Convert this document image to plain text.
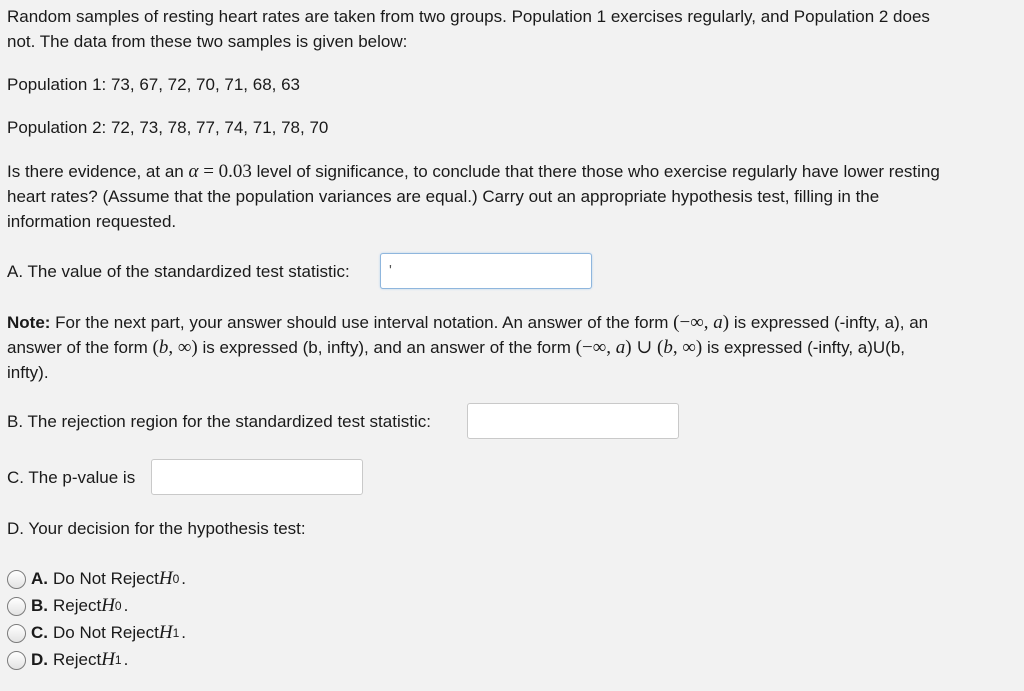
Random samples of resting heart rates are taken from two groups. Population 1 exercises regularly, and Population 2 does

not. The data from these two samples is given below:

Population 1: 73, 67, 72, 70, 71, 68, 63
Population 2: 72, 73, 78, 77, 74, 71, 78, 70

Is there evidence, at an α = 0.03 level of significance, to conclude that there those who exercise regularly have lower resting

heart rates? (Assume that the population variances are equal.) Carry out an appropriate hypothesis test, filling in the

information requested.

A. The value of the standardized test statistic:	'

Note: For the next part, your answer should use interval notation. An answer of the form (−∞, a) is expressed (-infty, a), an

answer of the form (b, ∞) is expressed (b, infty), and an answer of the form (−∞, a) ∪ (b, ∞) is expressed (-infty, a)U(b,

infty).

B. The rejection region for the standardized test statistic:
C. The p-value is
D. Your decision for the hypothesis test:
A. Do Not Reject H 0 .
B. Reject H 0 .
C. Do Not Reject H 1 .
D. Reject H 1 .
